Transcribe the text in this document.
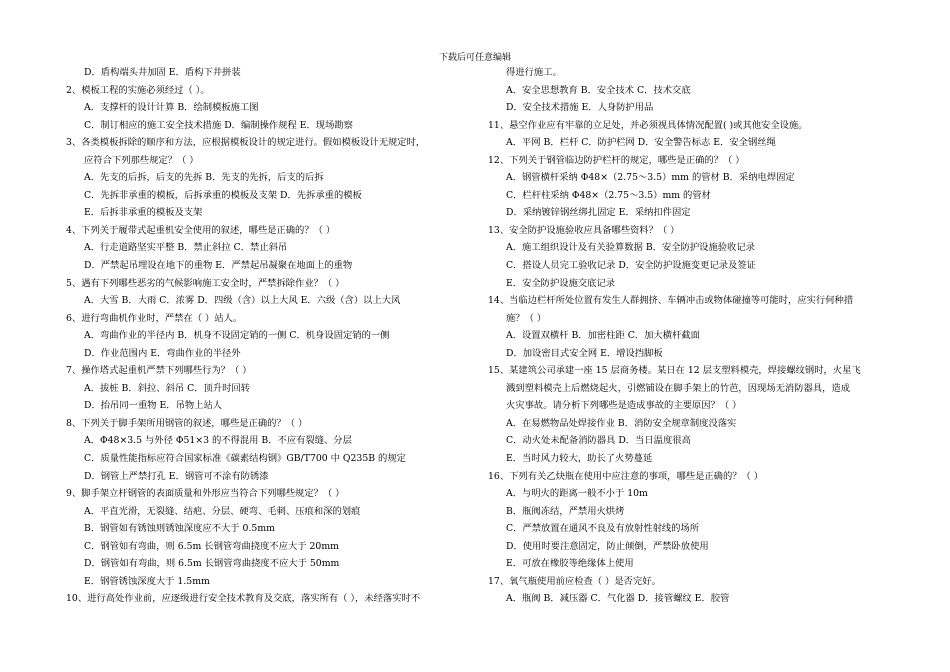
下载后可任意编辑
D．盾构端头井加固 E．盾构下井拼装
2、模板工程的实施必须经过（ ）。
A．支撑杆的设计计算 B．绘制模板施工图
C．制订相应的施工安全技术措施 D．编制操作规程 E．现场勘察
3、各类模板拆除的顺序和方法，应根据模板设计的规定进行。假如模板设计无规定时，
应符合下列那些规定？（ ）
A．先支的后拆，后支的先拆 B．先支的先拆，后支的后拆
C．先拆非承重的模板，后拆承重的模板及支架 D．先拆承重的模板
E．后拆非承重的模板及支架
4、下列关于履带式起重机安全使用的叙述，哪些是正确的？（ ）
A．行走道路坚实平整 B．禁止斜拉 C．禁止斜吊
D．严禁起吊埋设在地下的重物 E．严禁起吊凝聚在地面上的重物
5、遇有下列哪些恶劣的气候影响施工安全时，严禁拆除作业？（ ）
A．大雪 B．大雨 C．浓雾 D．四级（含）以上大风 E．六级（含）以上大风
6、进行弯曲机作业时，严禁在（ ）站人。
A．弯曲作业的半径内 B．机身不设固定销的一侧 C．机身设固定销的一侧
D．作业范围内 E．弯曲作业的半径外
7、操作塔式起重机严禁下列哪些行为？（ ）
A．拔桩 B．斜拉、斜吊 C．顶升时回转
D．抬吊同一重物 E．吊物上站人
8、下列关于脚手架所用钢管的叙述，哪些是正确的？（ ）
A．Φ48×3.5 与外径 Φ51×3 的不得混用 B．不应有裂缝、分层
C．质量性能指标应符合国家标准《碳素结构钢》GB/T700 中 Q235B 的规定
D．钢管上严禁打孔 E．钢管可不涂有防锈漆
9、脚手架立杆钢管的表面质量和外形应当符合下列哪些规定？（ ）
A．平直光滑，无裂缝、结疤、分层、硬弯、毛刺、压痕和深的划痕
B．钢管如有锈蚀则锈蚀深度应不大于 0.5mm
C．钢管如有弯曲，则 6.5m 长钢管弯曲挠度不应大于 20mm
D．钢管如有弯曲，则 6.5m 长钢管弯曲挠度不应大于 50mm
E．钢管锈蚀深度大于 1.5mm
10、进行高处作业前，应逐级进行安全技术教育及交底，落实所有（ ），未经落实时不
得进行施工。
A．安全思想教育 B．安全技术 C．技术交底
D．安全技术措施 E．人身防护用品
11、悬空作业应有牢靠的立足处，并必须视具体情况配置( )或其他安全设施。
A．平网 B．栏杆 C．防护栏网 D．安全警告标志 E．安全钢丝绳
12、下列关于钢管临边防护栏杆的规定，哪些是正确的？（ ）
A．钢管横杆采纳 Φ48×（2.75～3.5）mm 的管材 B．采纳电焊固定
C．栏杆柱采纳 Φ48×（2.75～3.5）mm 的管材
D．采纳镀锌钢丝绑扎固定 E．采纳扣件固定
13、安全防护设施验收应具备哪些资料？（ ）
A．施工组织设计及有关验算数据 B．安全防护设施验收记录
C．搭设人员完工验收记录 D．安全防护设施变更记录及签证
E．安全防护设施交底记录
14、当临边栏杆所处位置有发生人群拥挤、车辆冲击或物体碰撞等可能时，应实行何种措
施？（ ）
A．设置双横杆 B．加密柱距 C．加大横杆截面
D．加设密目式安全网 E．增设挡脚板
15、某建筑公司承建一座 15 层商务楼。某日在 12 层支塑料模壳，焊接螺纹钢时，火星飞
溅到塑料模壳上后燃烧起火，引燃铺设在脚手架上的竹芭，因现场无消防器具，造成
火灾事故。请分析下列哪些是造成事故的主要原因？（ ）
A．在易燃物品处焊接作业 B．消防安全规章制度没落实
C．动火处未配备消防器具 D．当日温度很高
E．当时风力较大，助长了火势蔓延
16、下列有关乙炔瓶在使用中应注意的事项，哪些是正确的？（ ）
A．与明火的距离一般不小于 10m
B．瓶阀冻结，严禁用火烘烤
C．严禁放置在通风不良及有放射性射线的场所
D．使用时要注意固定，防止倾倒，严禁卧放使用
E．可放在橡胶等绝缘体上使用
17、氧气瓶使用前应检查（ ）是否完好。
A．瓶阀 B．减压器 C．气化器 D．接管螺纹 E．胶管
